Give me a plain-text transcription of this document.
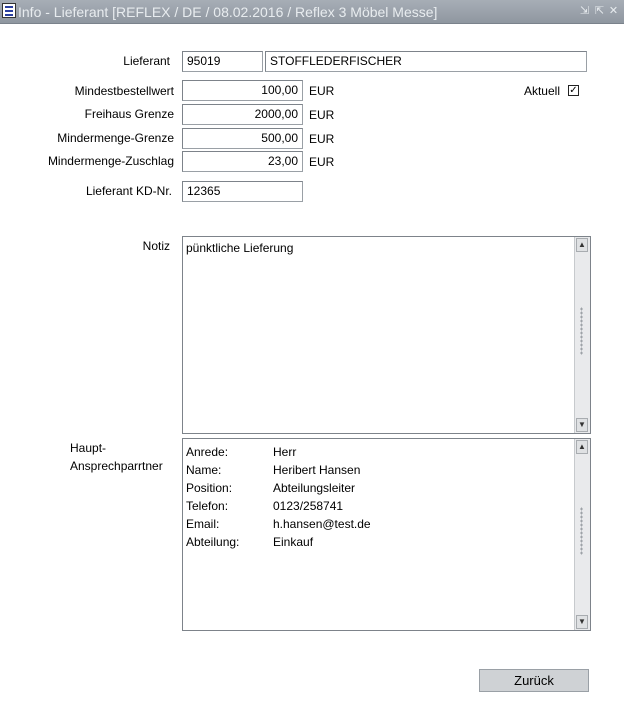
Info - Lieferant [REFLEX / DE / 08.02.2016 / Reflex 3 Möbel Messe]	⇲ ⇱ ✕
Lieferant	95019	STOFFLEDERFISCHER
Mindestbestellwert	100,00 EUR	Aktuell ✓
Freihaus Grenze	2000,00 EUR
Mindermenge-Grenze	500,00 EUR
Mindermenge-Zuschlag	23,00 EUR
Lieferant KD-Nr.	12365
Notiz pünktliche Lieferung	▲
▼
Haupt-
Ansprechparrtner
Anrede:	Herr
Name:	Heribert Hansen
Position:	Abteilungsleiter
Telefon:	0123/258741
Email:	h.hansen@test.de
Abteilung:	Einkauf
▲
▼
Zurück
